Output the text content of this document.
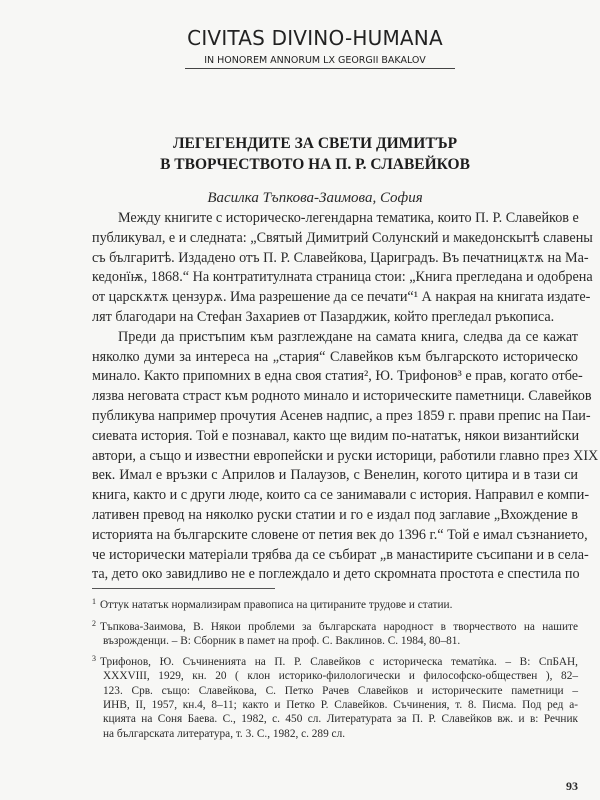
CIVITAS DIVINO-HUMANA
IN HONOREM ANNORUM LX GEORGII BAKALOV
ЛЕГЕГЕНДИТЕ ЗА СВЕТИ ДИМИТЪР
В ТВОРЧЕСТВОТО НА П. Р. СЛАВЕЙКОВ
Василка Тъпкова-Заимова, София
Между книгите с историческо-легендарна тематика, които П. Р. Славейков е
публикувал, е и следната: „Святый Димитрий Солунский и македонскытѣ славены
съ българитѣ. Издадено отъ П. Р. Славейкова, Цариградъ. Въ печатницѫтѫ на Ма-
кедонїѭ, 1868.“ На контратитулната страница стои: „Книга прегледана и одобрена
от царскѫтѫ цензурѫ. Има разрешение да се печати“¹ А накрая на книгата издате-
лят благодари на Стефан Захариев от Пазарджик, който прегледал ръкописа.
Преди да пристъпим към разглеждане на самата книга, следва да се кажат
няколко думи за интереса на „стария“ Славейков към българското историческо
минало. Както припомних в една своя статия², Ю. Трифонов³ е прав, когато отбе-
лязва неговата страст към родното минало и историческите паметници. Славейков
публикува например прочутия Асенев надпис, а през 1859 г. прави препис на Паи-
сиевата история. Той е познавал, както ще видим по-нататък, някои византийски
автори, а също и известни европейски и руски историци, работили главно през XIX
век. Имал е връзки с Априлов и Палаузов, с Венелин, когото цитира и в тази си
книга, както и с други люде, които са се занимавали с история. Направил е компи-
лативен превод на няколко руски статии и го е издал под заглавие „Вхождение в
историята на българските словене от петия век до 1396 г.“ Той е имал съзнанието,
че исторически матеріали трябва да се събират „в манастирите съсипани и в села-
та, дето око завидливо не е поглеждало и дето скромната простота е спестила по
1 Оттук нататък нормализирам правописа на цитираните трудове и статии.
2 Тъпкова-Заимова, В. Някои проблеми за българската народност в творчеството на нашите
възрожденци. – В: Сборник в памет на проф. С. Ваклинов. С. 1984, 80–81.
3 Трифонов, Ю. Съчиненията на П. Р. Славейков с историческа тематѝка. – В: СпБАН,
XXXVIII, 1929, кн. 20 ( клон историко-филологически и философско-обществен ), 82–
123. Срв. също: Славейкова, С. Петко Рачев Славейков и историческите паметници –
ИНВ, II, 1957, кн.4, 8–11; както и Петко Р. Славейков. Съчинения, т. 8. Писма. Под ред а-
кцията на Соня Баева. С., 1982, с. 450 сл. Литературата за П. Р. Славейков вж. и в: Речник
на българската литература, т. 3. С., 1982, с. 289 сл.
93
